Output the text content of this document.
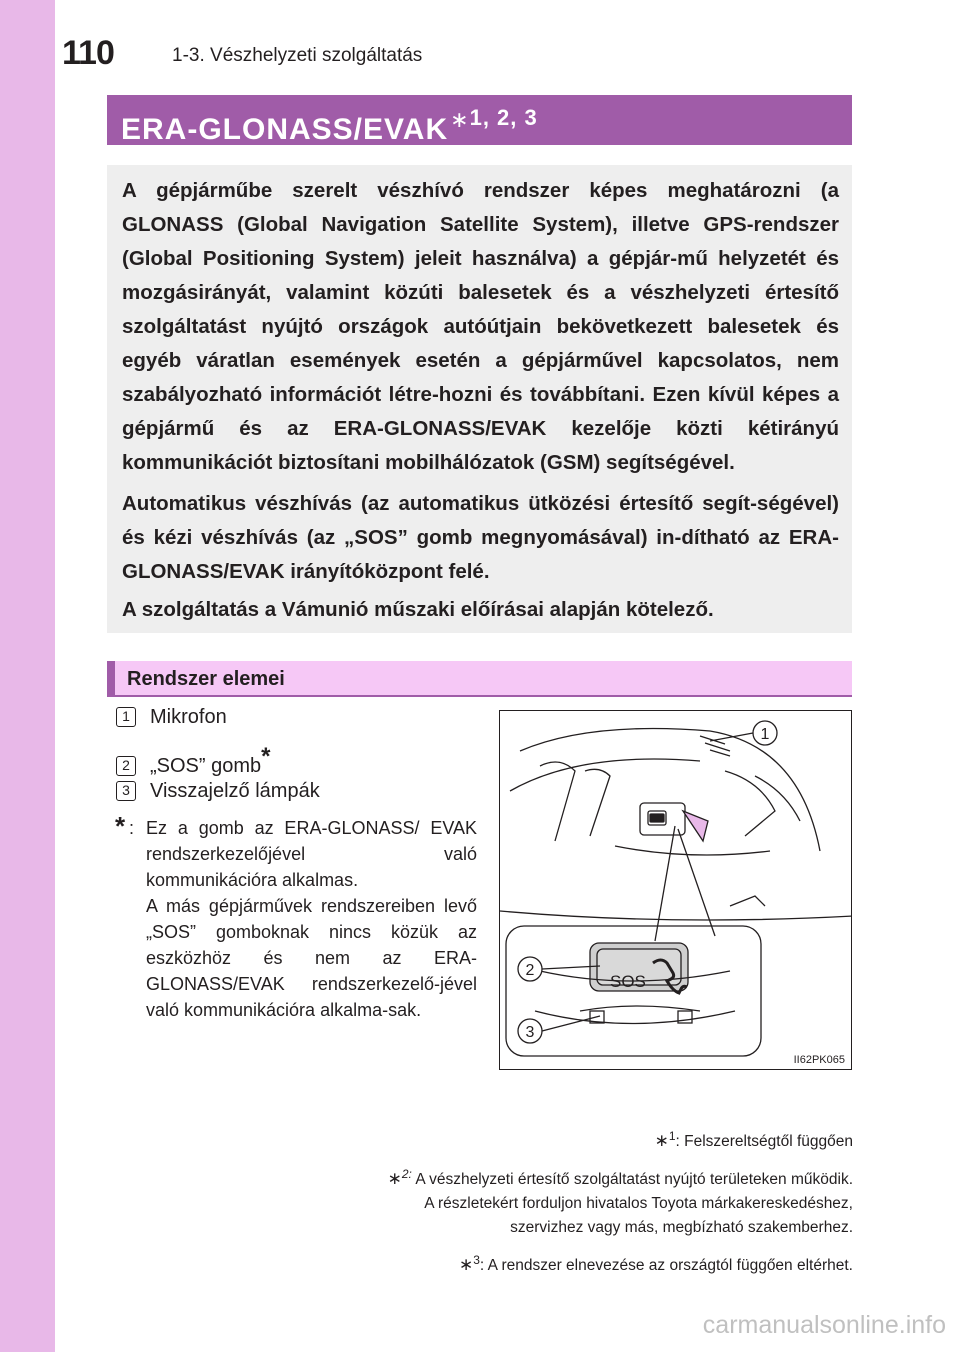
110	1-3. Vészhelyzeti szolgáltatás
ERA-$GLONASS/EVAK^{∗1, 2, 3}$

A gépjárműbe szerelt vészhívó rendszer képes meghatározni (a GLONASS (Global Navigation Satellite System), illetve GPS-rendszer (Global Positioning System) jeleit használva) a gépjár-mű helyzetét és mozgásirányát, valamint közúti balesetek és a vészhelyzeti értesítő szolgáltatást nyújtó országok autóútjain bekövetkezett balesetek és egyéb váratlan események esetén a gépjárművel kapcsolatos, nem szabályozható információt létre-hozni és továbbítani. Ezen kívül képes a gépjármű és az ERA-GLONASS/EVAK kezelője közti kétirányú kommunikációt biztosítani mobilhálózatok (GSM) segítségével.

Automatikus vészhívás (az automatikus ütközési értesítő segít-ségével) és kézi vészhívás (az „SOS” gomb megnyomásával) in-dítható az ERA-GLONASS/EVAK irányítóközpont felé.

A szolgáltatás a Vámunió műszaki előírásai alapján kötelező.

Rendszer elemei
1 Mikrofon
2 „SOS” gomb*
3 Visszajelző lámpák
* : Ez a gomb az ERA-GLONASS/ EVAK rendszerkezelőjével való kommunikációra alkalmas.

A más gépjárművek rendszereiben levő „SOS” gomboknak nincs közük az eszközhöz és nem az ERA-GLONASS/EVAK rendszerkezelő-jével való kommunikációra alkalma-sak.

SOS
1
2
3
II62PK065

∗$^1$: Felszereltségtől függően

∗$^{2:}$ A vészhelyzeti értesítő szolgáltatást nyújtó területeken működik.

A részletekért forduljon hivatalos Toyota márkakereskedéshez,

szervizhez vagy más, megbízható szakemberhez.

∗$^3$: A rendszer elnevezése az országtól függően eltérhet.

carmanualsonline.info
